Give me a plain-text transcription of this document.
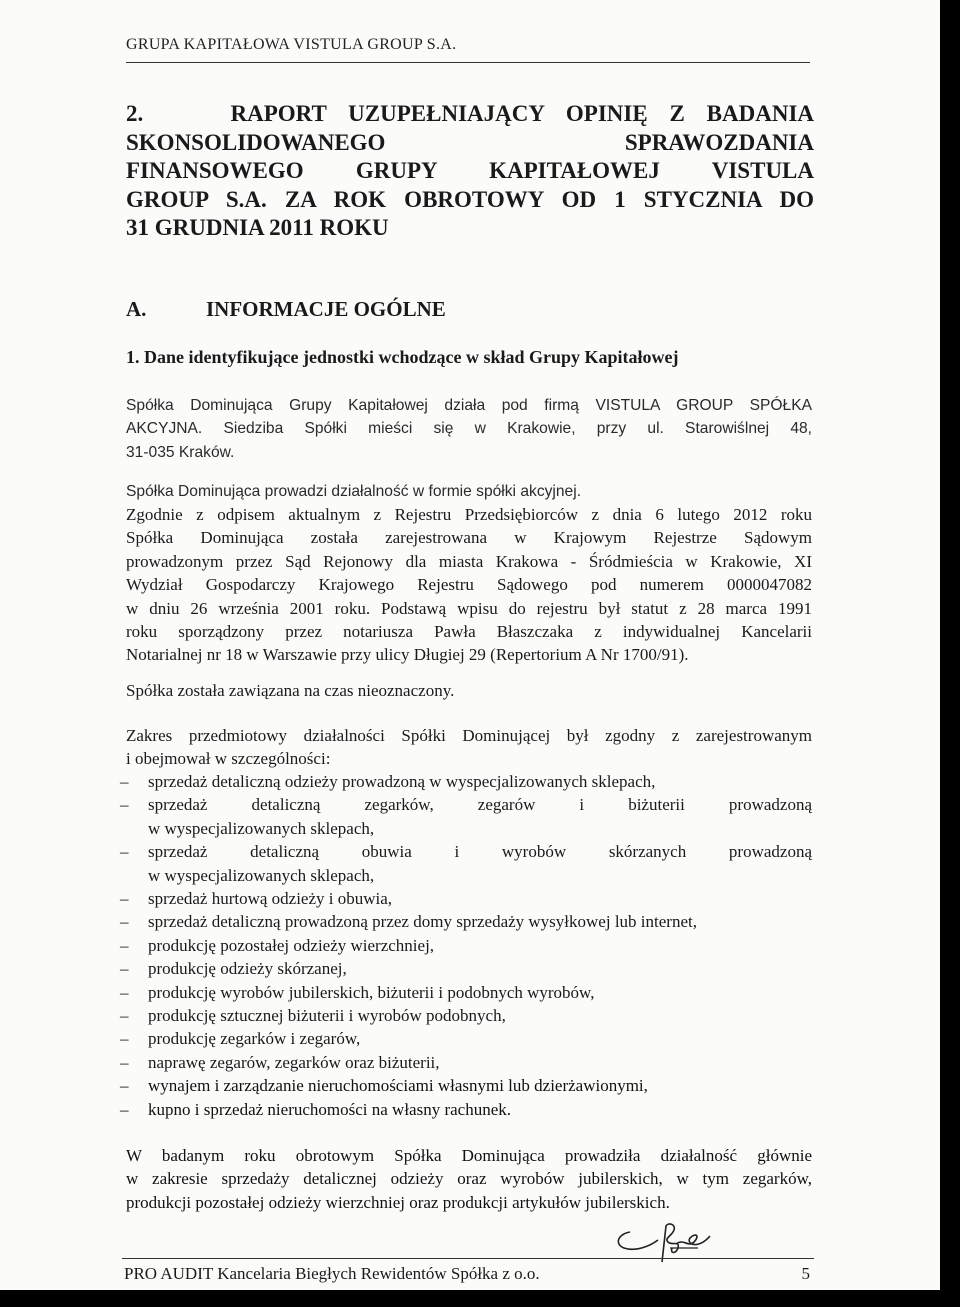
GRUPA KAPITAŁOWA VISTULA GROUP S.A.
2.	RAPORT UZUPEŁNIAJĄCY OPINIĘ Z BADANIA
SKONSOLIDOWANEGO SPRAWOZDANIA
FINANSOWEGO GRUPY KAPITAŁOWEJ VISTULA
GROUP S.A. ZA ROK OBROTOWY OD 1 STYCZNIA DO
31 GRUDNIA 2011 ROKU
A.	INFORMACJE OGÓLNE
1. Dane identyfikujące jednostki wchodzące w skład Grupy Kapitałowej
Spółka Dominująca Grupy Kapitałowej działa pod firmą VISTULA GROUP SPÓŁKA
AKCYJNA. Siedziba Spółki mieści się w Krakowie, przy ul. Starowiślnej 48,
31-035 Kraków.
Spółka Dominująca prowadzi działalność w formie spółki akcyjnej.
Zgodnie z odpisem aktualnym z Rejestru Przedsiębiorców z dnia 6 lutego 2012 roku
Spółka Dominująca została zarejestrowana w Krajowym Rejestrze Sądowym
prowadzonym przez Sąd Rejonowy dla miasta Krakowa - Śródmieścia w Krakowie, XI
Wydział Gospodarczy Krajowego Rejestru Sądowego pod numerem 0000047082
w dniu 26 września 2001 roku. Podstawą wpisu do rejestru był statut z 28 marca 1991
roku sporządzony przez notariusza Pawła Błaszczaka z indywidualnej Kancelarii
Notarialnej nr 18 w Warszawie przy ulicy Długiej 29 (Repertorium A Nr 1700/91).
Spółka została zawiązana na czas nieoznaczony.
Zakres przedmiotowy działalności Spółki Dominującej był zgodny z zarejestrowanym
i obejmował w szczególności:
– sprzedaż detaliczną odzieży prowadzoną w wyspecjalizowanych sklepach,
– sprzedaż detaliczną zegarków, zegarów i biżuterii prowadzoną
w wyspecjalizowanych sklepach,
– sprzedaż detaliczną obuwia i wyrobów skórzanych prowadzoną
w wyspecjalizowanych sklepach,
– sprzedaż hurtową odzieży i obuwia,
– sprzedaż detaliczną prowadzoną przez domy sprzedaży wysyłkowej lub internet,
– produkcję pozostałej odzieży wierzchniej,
– produkcję odzieży skórzanej,
– produkcję wyrobów jubilerskich, biżuterii i podobnych wyrobów,
– produkcję sztucznej biżuterii i wyrobów podobnych,
– produkcję zegarków i zegarów,
– naprawę zegarów, zegarków oraz biżuterii,
– wynajem i zarządzanie nieruchomościami własnymi lub dzierżawionymi,
– kupno i sprzedaż nieruchomości na własny rachunek.
W badanym roku obrotowym Spółka Dominująca prowadziła działalność głównie
w zakresie sprzedaży detalicznej odzieży oraz wyrobów jubilerskich, w tym zegarków,
produkcji pozostałej odzieży wierzchniej oraz produkcji artykułów jubilerskich.
PRO AUDIT Kancelaria Biegłych Rewidentów Spółka z o.o.	5
